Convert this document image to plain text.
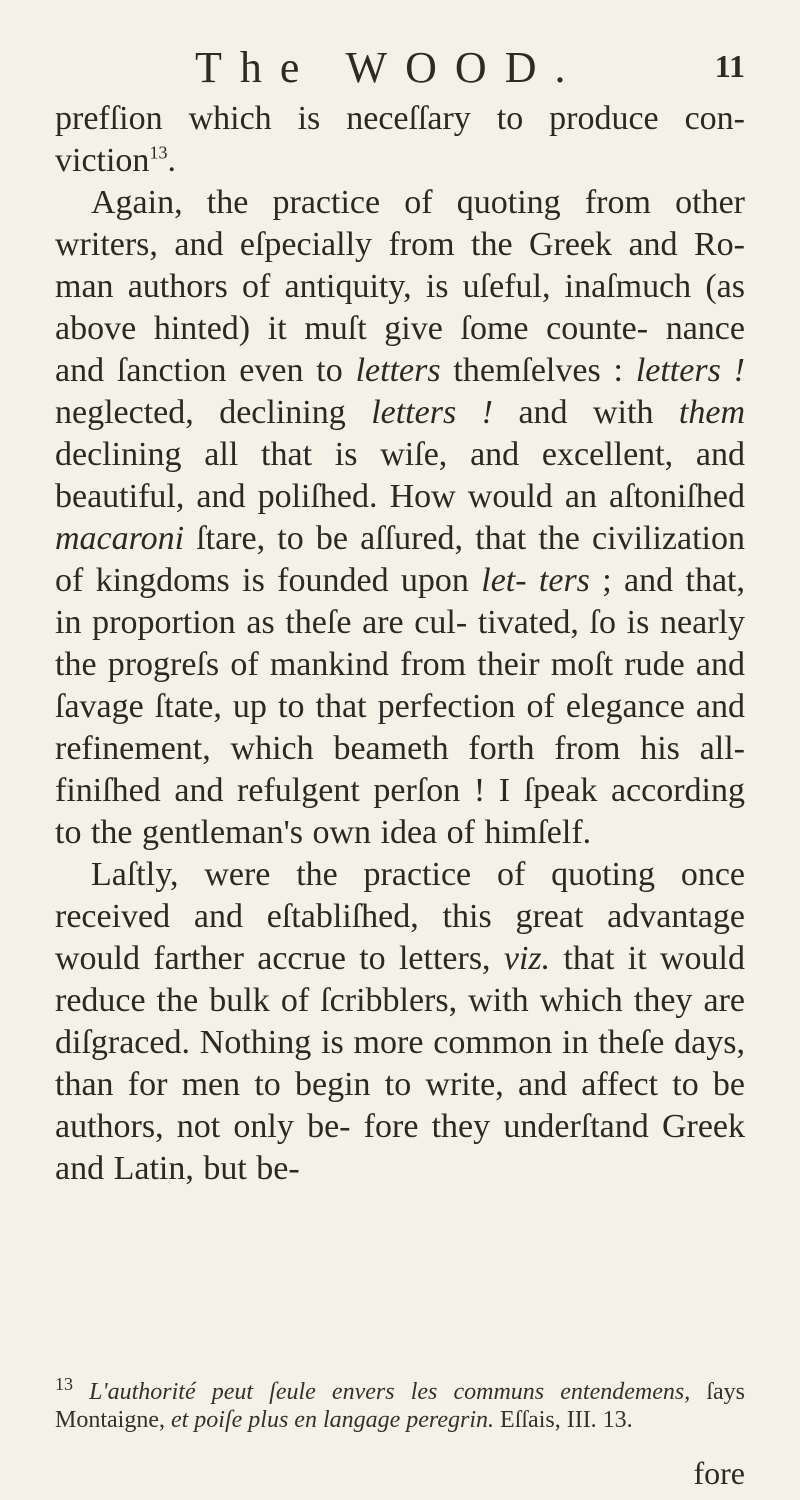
The WOOD.	11

prefſion which is neceſſary to produce con- viction$^{13}$.

Again, the practice of quoting from other writers, and eſpecially from the Greek and Ro- man authors of antiquity, is uſeful, inaſmuch (as above hinted) it muſt give ſome counte- nance and ſanction even to letters themſelves : letters ! neglected, declining letters ! and with them declining all that is wiſe, and excellent, and beautiful, and poliſhed. How would an aſtoniſhed macaroni ſtare, to be aſſured, that the civilization of kingdoms is founded upon let- ters ; and that, in proportion as theſe are cul- tivated, ſo is nearly the progreſs of mankind from their moſt rude and ſavage ſtate, up to that perfection of elegance and refinement, which beameth forth from his all-finiſhed and refulgent perſon ! I ſpeak according to the gentleman's own idea of himſelf.

Laſtly, were the practice of quoting once received and eſtabliſhed, this great advantage would farther accrue to letters, viz. that it would reduce the bulk of ſcribblers, with which they are diſgraced. Nothing is more common in theſe days, than for men to begin to write, and affect to be authors, not only be- fore they underſtand Greek and Latin, but be-

$^{13}$ L'authorité peut ſeule envers les communs entendemens, ſays Montaigne, et poiſe plus en langage peregrin. Eſſais, III. 13.
fore
